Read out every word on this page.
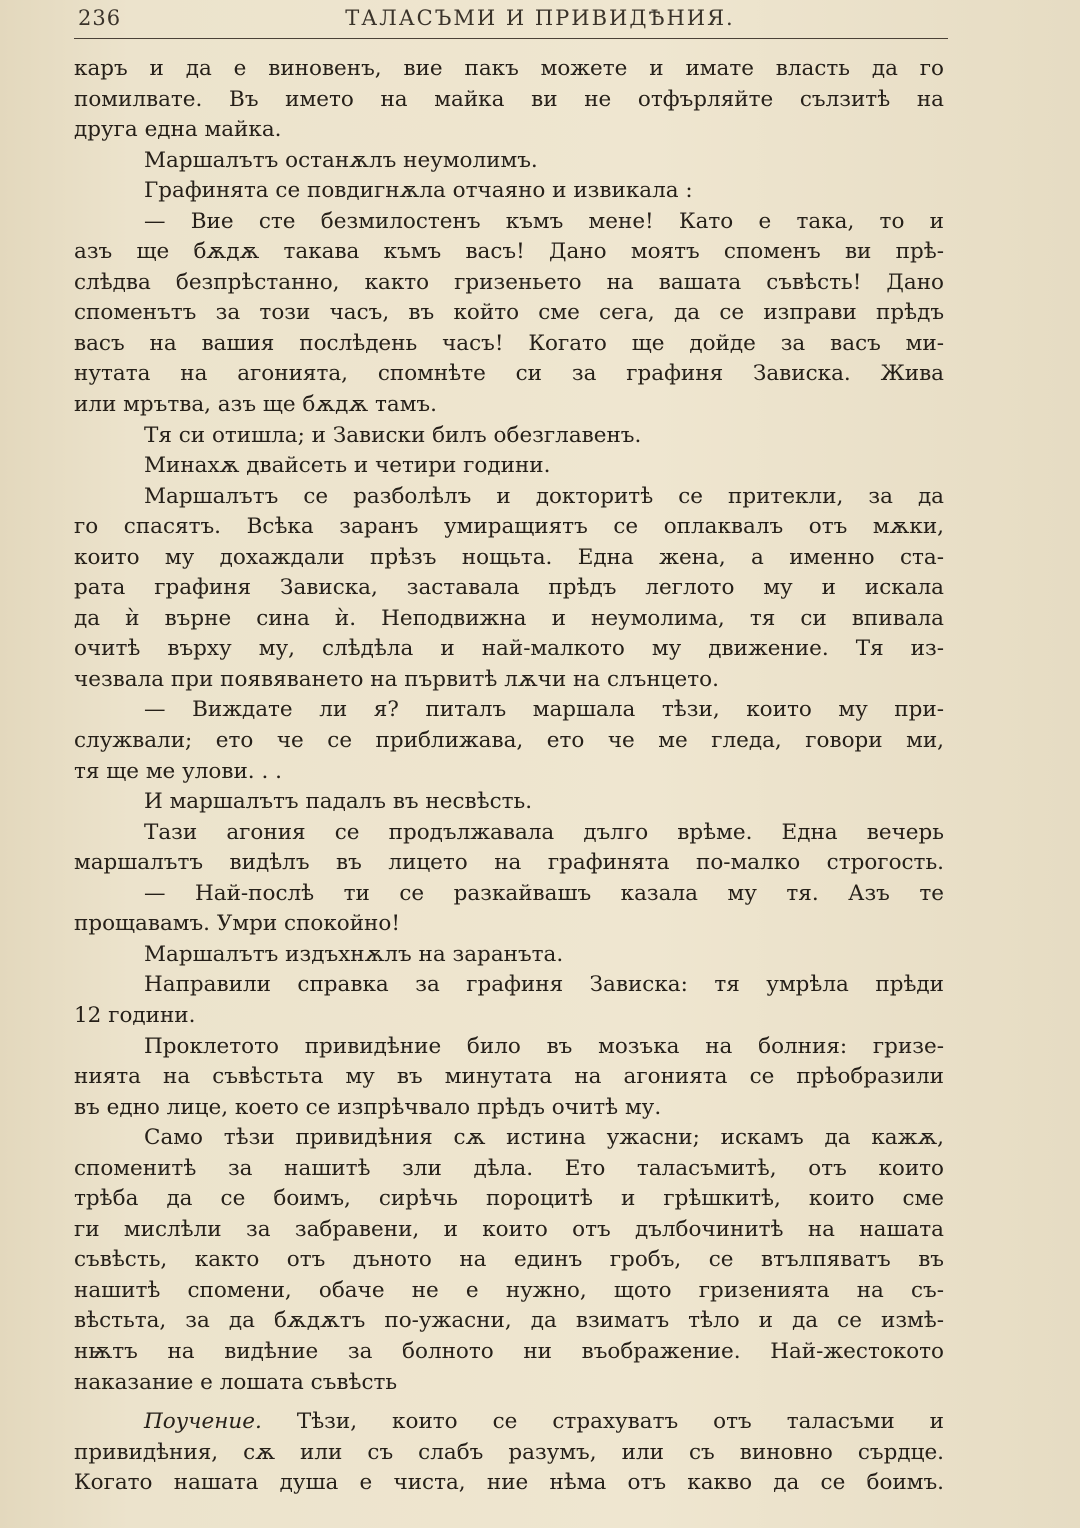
236	ТАЛАСЪМИ И ПРИВИДѢНИЯ.
каръ и да е виновенъ, вие пакъ можете и имате власть да го
помилвате. Въ името на майка ви не отфърляйте сълзитѣ на
друга една майка.
Маршалътъ останѫлъ неумолимъ.
Графинята се повдигнѫла отчаяно и извикала :
— Вие сте безмилостенъ къмъ мене! Като е така, то и
азъ ще бѫдѫ такава къмъ васъ! Дано моятъ споменъ ви прѣ-
слѣдва безпрѣстанно, както гризеньето на вашата съвѣсть! Дано
споменътъ за този часъ, въ който сме сега, да се изправи прѣдъ
васъ на вашия послѣдень часъ! Когато ще дойде за васъ ми-
нутата на агонията, спомнѣте си за графиня Зависка. Жива
или мрътва, азъ ще бѫдѫ тамъ.
Тя си отишла; и Зависки билъ обезглавенъ.
Минахѫ двайсеть и четири години.
Маршалътъ се разболѣлъ и докторитѣ се притекли, за да
го спасятъ. Всѣка заранъ умиращиятъ се оплаквалъ отъ мѫки,
които му дохаждали прѣзъ нощьта. Една жена, а именно ста-
рата графиня Зависка, заставала прѣдъ леглото му и искала
да ѝ върне сина ѝ. Неподвижна и неумолима, тя си впивала
очитѣ върху му, слѣдѣла и най-малкото му движение. Тя из-
чезвала при появяването на първитѣ лѫчи на слънцето.
— Виждате ли я? питалъ маршала тѣзи, които му при-
служвали; ето че се приближава, ето че ме гледа, говори ми,
тя ще ме улови. . .
И маршалътъ падалъ въ несвѣсть.
Тази агония се продължавала дълго врѣме. Една вечерь
маршалътъ видѣлъ въ лицето на графинята по-малко строгость.
— Най-послѣ ти се разкайвашъ казала му тя. Азъ те
прощавамъ. Умри спокойно!
Маршалътъ издъхнѫлъ на заранъта.
Направили справка за графиня Зависка: тя умрѣла прѣди
12 години.
Проклетото привидѣние било въ мозъка на болния: гризе-
нията на съвѣстьта му въ минутата на агонията се прѣобразили
въ едно лице, което се изпрѣчвало прѣдъ очитѣ му.
Само тѣзи привидѣния сѫ истина ужасни; искамъ да кажѫ,
споменитѣ за нашитѣ зли дѣла. Ето таласъмитѣ, отъ които
трѣба да се боимъ, сирѣчь пороцитѣ и грѣшкитѣ, които сме
ги мислѣли за забравени, и които отъ дълбочинитѣ на нашата
съвѣсть, както отъ дъното на единъ гробъ, се втълпяватъ въ
нашитѣ спомени, обаче не е нужно, щото гризенията на съ-
вѣстьта, за да бѫдѫтъ по-ужасни, да взиматъ тѣло и да се измѣ-
нѭтъ на видѣние за болното ни въображение. Най-жестокото
наказание е лошата съвѣсть
Поучение. Тѣзи, които се страхуватъ отъ таласъми и
привидѣния, сѫ или съ слабъ разумъ, или съ виновно сърдце.
Когато нашата душа е чиста, ние нѣма отъ какво да се боимъ.
